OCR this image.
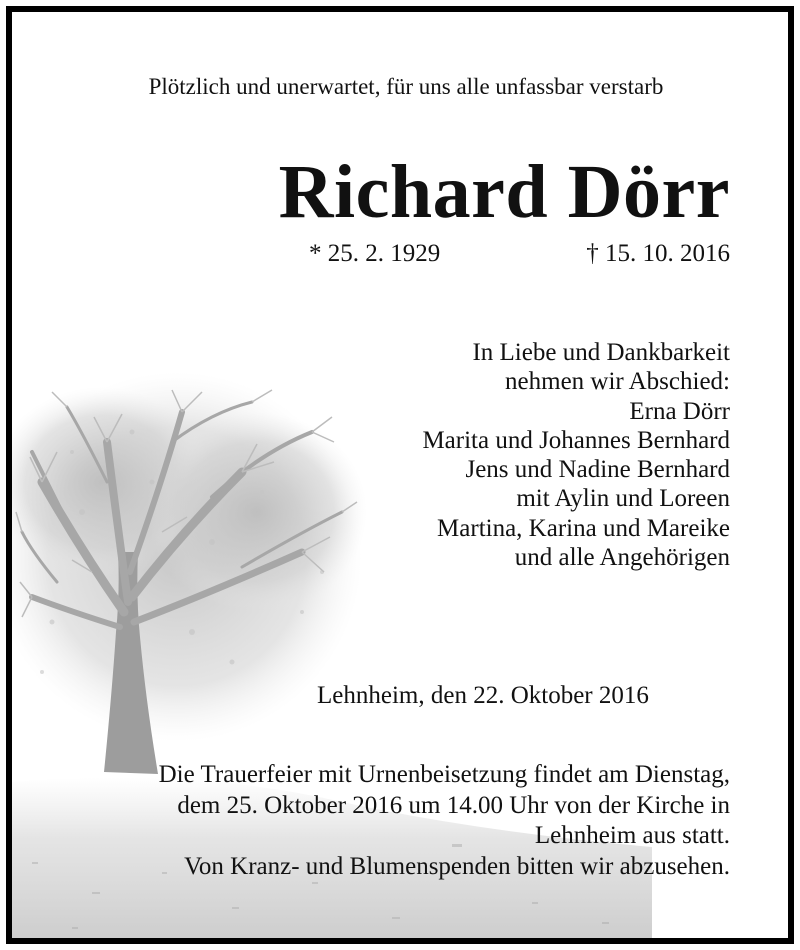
Plötzlich und unerwartet, für uns alle unfassbar verstarb
Richard Dörr
* 25. 2. 1929	† 15. 10. 2016
In Liebe und Dankbarkeit
nehmen wir Abschied:
Erna Dörr
Marita und Johannes Bernhard
Jens und Nadine Bernhard
mit Aylin und Loreen
Martina, Karina und Mareike
und alle Angehörigen
Lehnheim, den 22. Oktober 2016
Die Trauerfeier mit Urnenbeisetzung findet am Dienstag,
dem 25. Oktober 2016 um 14.00 Uhr von der Kirche in
Lehnheim aus statt.
Von Kranz- und Blumenspenden bitten wir abzusehen.
